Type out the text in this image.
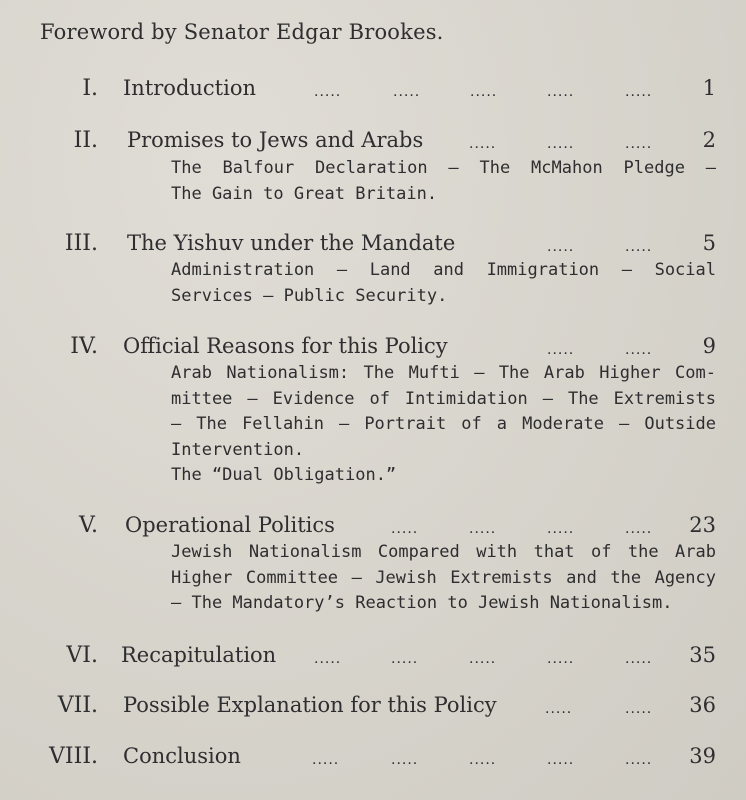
Foreword by Senator Edgar Brookes.
I. Introduction	.....	.....	.....	.....	..... 1
II. Promises to Jews and Arabs	.....	.....	..... 2
The Balfour Declaration — The McMahon Pledge —
The Gain to Great Britain.
III. The Yishuv under the Mandate	.....	..... 5
Administration — Land and Immigration — Social
Services — Public Security.
IV. Official Reasons for this Policy	.....	..... 9
Arab Nationalism: The Mufti — The Arab Higher Com-
mittee — Evidence of Intimidation — The Extremists
— The Fellahin — Portrait of a Moderate — Outside
Intervention.
The “Dual Obligation.”
V. Operational Politics	.....	.....	.....	..... 23
Jewish Nationalism Compared with that of the Arab
Higher Committee — Jewish Extremists and the Agency
— The Mandatory’s Reaction to Jewish Nationalism.
VI. Recapitulation	.....	.....	.....	.....	..... 35
VII. Possible Explanation for this Policy	.....	..... 36
VIII. Conclusion	.....	.....	.....	.....	..... 39
